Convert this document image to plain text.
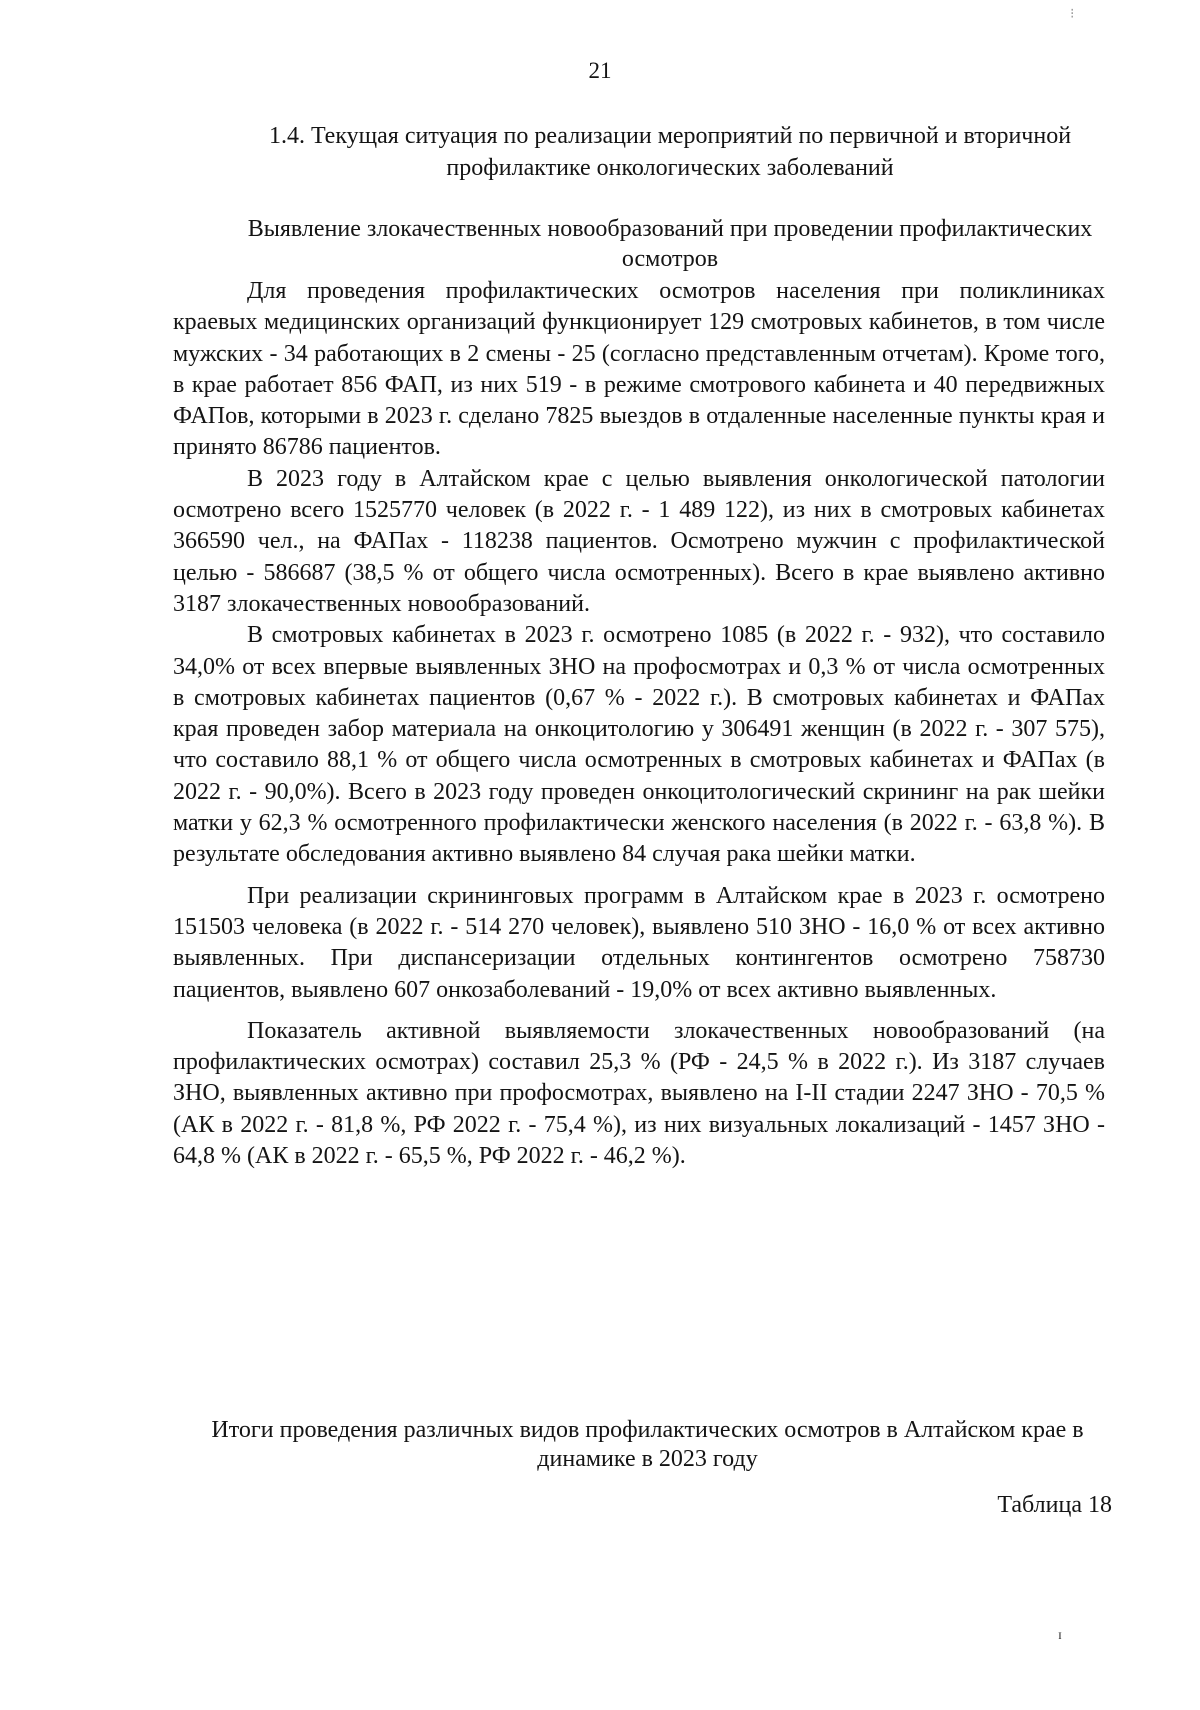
21
1.4. Текущая ситуация по реализации мероприятий по первичной и вторичной профилактике онкологических заболеваний
Выявление злокачественных новообразований при проведении профилактических осмотров

Для проведения профилактических осмотров населения при поликлиниках краевых медицинских организаций функционирует 129 смотровых кабинетов, в том числе мужских - 34 работающих в 2 смены - 25 (согласно представленным отчетам). Кроме того, в крае работает 856 ФАП, из них 519 - в режиме смотрового кабинета и 40 передвижных ФАПов, которыми в 2023 г. сделано 7825 выездов в отдаленные населенные пункты края и принято 86786 пациентов.

В 2023 году в Алтайском крае с целью выявления онкологической патологии осмотрено всего 1525770 человек (в 2022 г. - 1 489 122), из них в смотровых кабинетах 366590 чел., на ФАПах - 118238 пациентов. Осмотрено мужчин с профилактической целью - 586687 (38,5 % от общего числа осмотренных). Всего в крае выявлено активно 3187 злокачественных новообразований.

В смотровых кабинетах в 2023 г. осмотрено 1085 (в 2022 г. - 932), что составило 34,0% от всех впервые выявленных ЗНО на профосмотрах и 0,3 % от числа осмотренных в смотровых кабинетах пациентов (0,67 % - 2022 г.). В смотровых кабинетах и ФАПах края проведен забор материала на онкоцитологию у 306491 женщин (в 2022 г. - 307 575), что составило 88,1 % от общего числа осмотренных в смотровых кабинетах и ФАПах (в 2022 г. - 90,0%). Всего в 2023 году проведен онкоцитологический скрининг на рак шейки матки у 62,3 % осмотренного профилактически женского населения (в 2022 г. - 63,8 %). В результате обследования активно выявлено 84 случая рака шейки матки.

При реализации скрининговых программ в Алтайском крае в 2023 г. осмотрено 151503 человека (в 2022 г. - 514 270 человек), выявлено 510 ЗНО - 16,0 % от всех активно выявленных. При диспансеризации отдельных контингентов осмотрено 758730 пациентов, выявлено 607 онкозаболеваний - 19,0% от всех активно выявленных.

Показатель активной выявляемости злокачественных новообразований (на профилактических осмотрах) составил 25,3 % (РФ - 24,5 % в 2022 г.). Из 3187 случаев ЗНО, выявленных активно при профосмотрах, выявлено на I-II стадии 2247 ЗНО - 70,5 % (АК в 2022 г. - 81,8 %, РФ 2022 г. - 75,4 %), из них визуальных локализаций - 1457 ЗНО - 64,8 % (АК в 2022 г. - 65,5 %, РФ 2022 г. - 46,2 %).

Итоги проведения различных видов профилактических осмотров в Алтайском крае в динамике в 2023 году
Таблица 18
⁝
ɪ
